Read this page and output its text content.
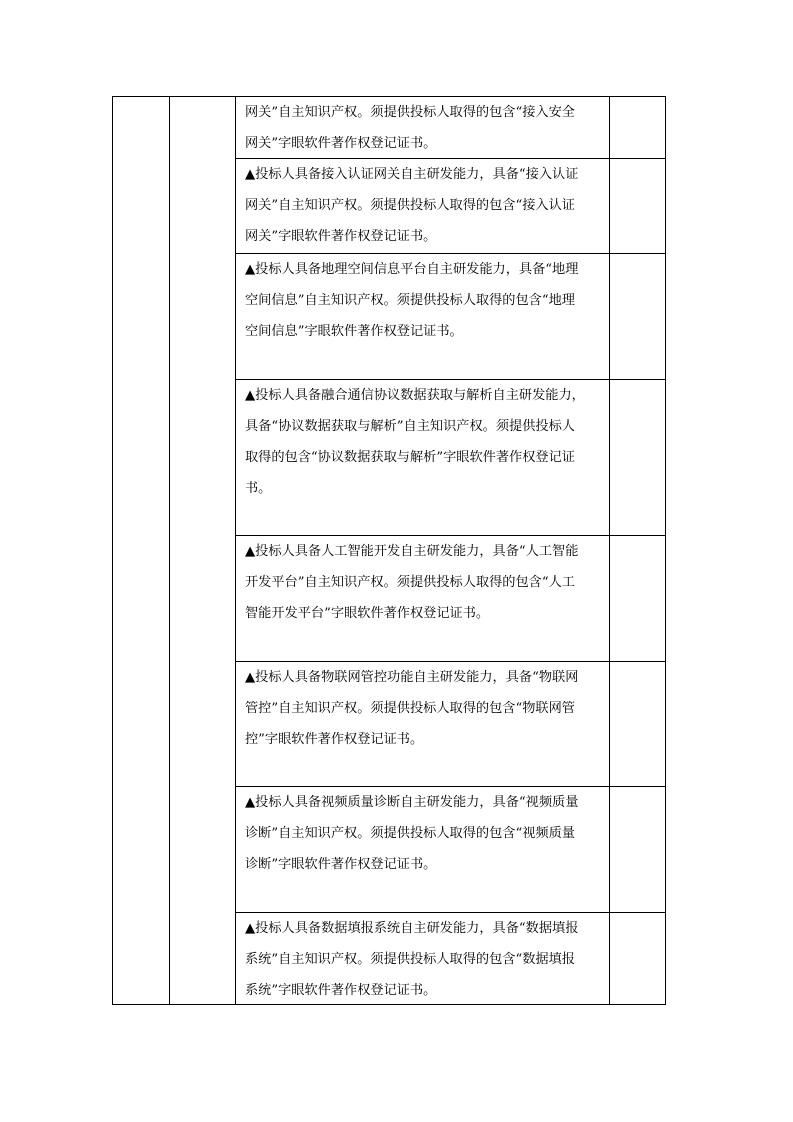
网关”自主知识产权。须提供投标人取得的包含“接入安全
网关”字眼软件著作权登记证书。
▲投标人具备接入认证网关自主研发能力，具备“接入认证
网关”自主知识产权。须提供投标人取得的包含“接入认证
网关”字眼软件著作权登记证书。
▲投标人具备地理空间信息平台自主研发能力，具备“地理
空间信息”自主知识产权。须提供投标人取得的包含“地理
空间信息”字眼软件著作权登记证书。
▲投标人具备融合通信协议数据获取与解析自主研发能力，
具备“协议数据获取与解析”自主知识产权。须提供投标人
取得的包含“协议数据获取与解析”字眼软件著作权登记证
书。
▲投标人具备人工智能开发自主研发能力，具备“人工智能
开发平台”自主知识产权。须提供投标人取得的包含“人工
智能开发平台”字眼软件著作权登记证书。
▲投标人具备物联网管控功能自主研发能力，具备“物联网
管控”自主知识产权。须提供投标人取得的包含“物联网管
控”字眼软件著作权登记证书。
▲投标人具备视频质量诊断自主研发能力，具备“视频质量
诊断”自主知识产权。须提供投标人取得的包含“视频质量
诊断”字眼软件著作权登记证书。
▲投标人具备数据填报系统自主研发能力，具备“数据填报
系统”自主知识产权。须提供投标人取得的包含“数据填报
系统”字眼软件著作权登记证书。
